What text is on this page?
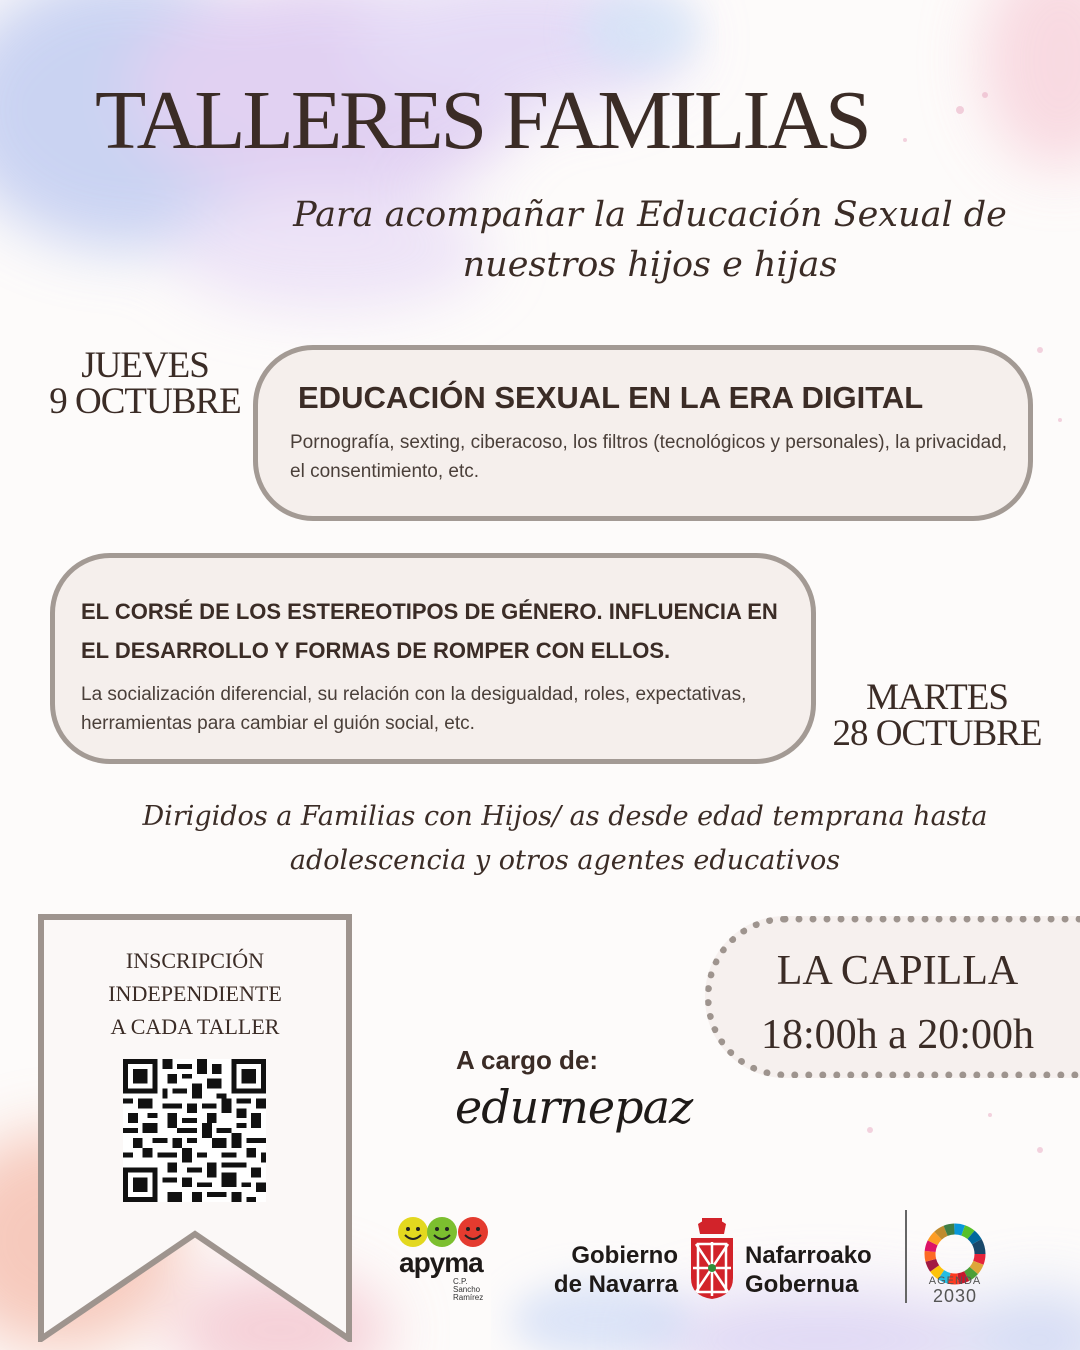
TALLERES FAMILIAS
Para acompañar la Educación Sexual de
nuestros hijos e hijas
JUEVES
9 OCTUBRE EDUCACIÓN SEXUAL EN LA ERA DIGITAL
Pornografía, sexting, ciberacoso, los filtros (tecnológicos y personales), la privacidad, el consentimiento, etc.
EL CORSÉ DE LOS ESTEREOTIPOS DE GÉNERO. INFLUENCIA EN EL DESARROLLO Y FORMAS DE ROMPER CON ELLOS.
La socialización diferencial, su relación con la desigualdad, roles, expectativas, herramientas para cambiar el guión social, etc.
MARTES
28 OCTUBRE
Dirigidos a Familias con Hijos/ as desde edad temprana hasta
adolescencia y otros agentes educativos
INSCRIPCIÓN
INDEPENDIENTE
A CADA TALLER
LA CAPILLA
18:00h a 20:00h
A cargo de:
edurnepaz
apyma
C.P.
Sancho
Ramírez
Gobierno
de Navarra
Nafarroako
Gobernua	AGENDA
2030
